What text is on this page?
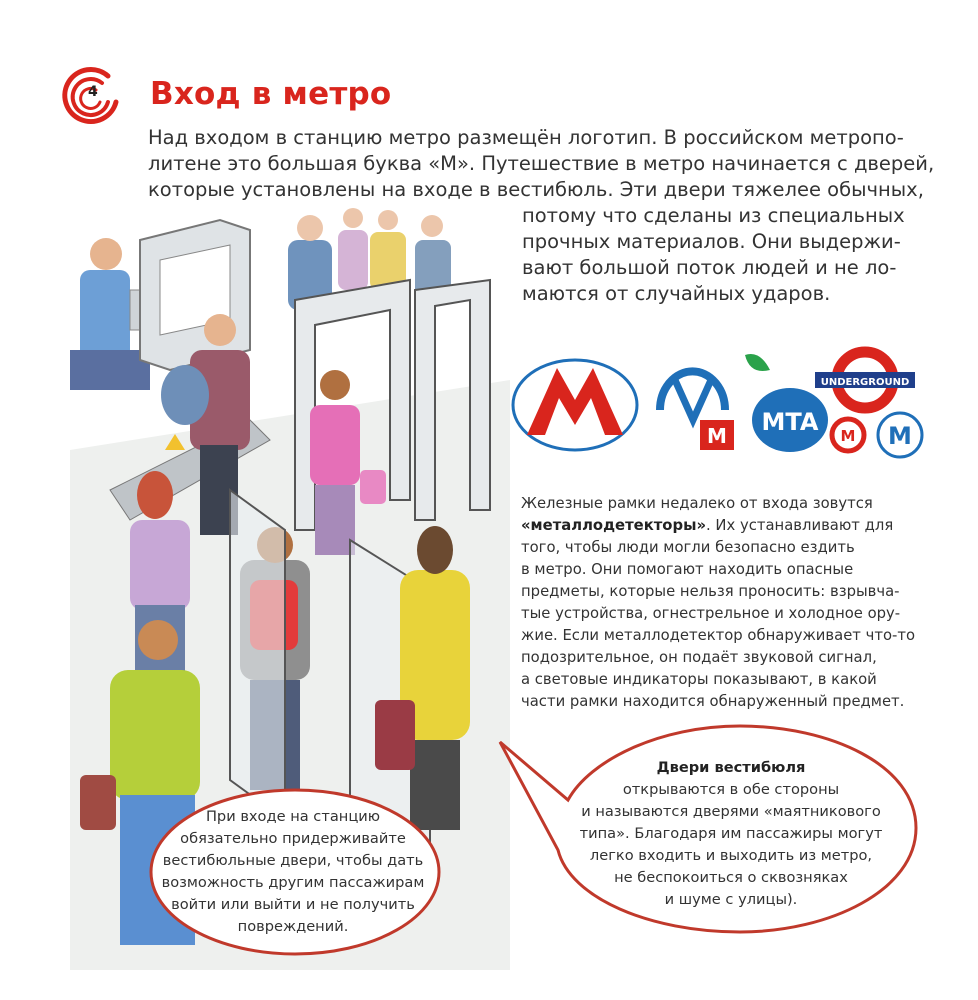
4 Вход в метро
Над входом в станцию метро размещён логотип. В российском метропо-
литене это большая буква «М». Путешествие в метро начинается с дверей,
которые установлены на входе в вестибюль. Эти двери тяжелее обычных,
потому что сделаны из специальных
прочных материалов. Они выдержи-
вают большой поток людей и не ло-
маются от случайных ударов.
M MTA
UNDERGROUND
M M
Железные рамки недалеко от входа зовутся
«металлодетекторы». Их устанавливают для
того, чтобы люди могли безопасно ездить
в метро. Они помогают находить опасные
предметы, которые нельзя проносить: взрывча-
тые устройства, огнестрельное и холодное ору-
жие. Если металлодетектор обнаруживает что-то
подозрительное, он подаёт звуковой сигнал,
а световые индикаторы показывают, в какой
части рамки находится обнаруженный предмет.
Двери вестибюля
открываются в обе стороны
и называются дверями «маятникового
типа». Благодаря им пассажиры могут
легко входить и выходить из метро,
не беспокоиться о сквозняках
и шуме с улицы).
При входе на станцию
обязательно придерживайте
вестибюльные двери, чтобы дать
возможность другим пассажирам
войти или выйти и не получить
повреждений.
